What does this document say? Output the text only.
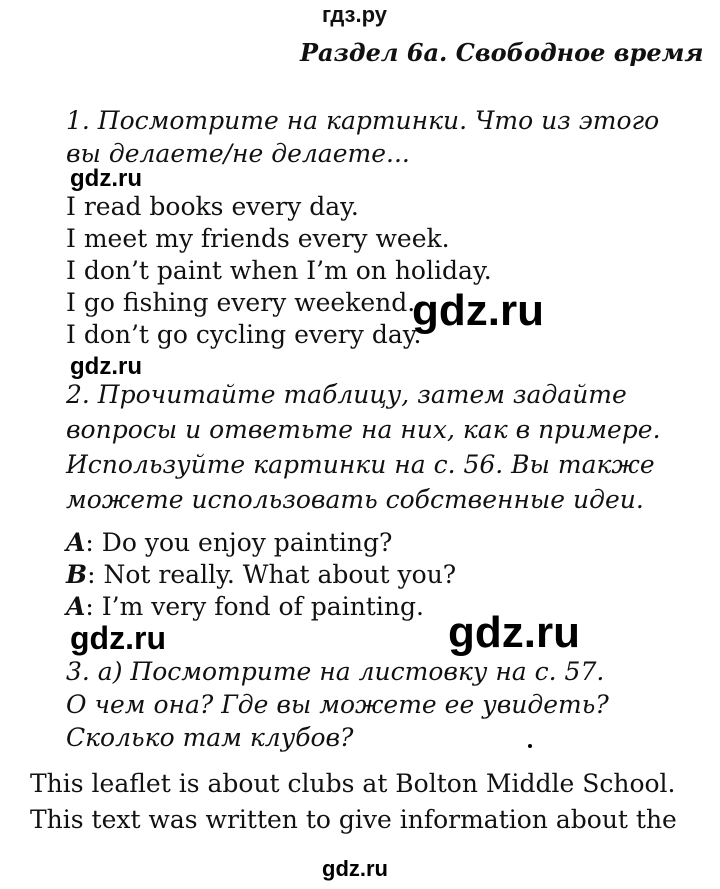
гдз.ру
Раздел 6a. Свободное время
1. Посмотрите на картинки. Что из этого
вы делаете/не делаете...
gdz.ru
I read books every day.
I meet my friends every week.
I don’t paint when I’m on holiday.
I go fishing every weekend.
I don’t go cycling every day.
gdz.ru
gdz.ru
2. Прочитайте таблицу, затем задайте
вопросы и ответьте на них, как в примере.
Используйте картинки на с. 56. Вы также
можете использовать собственные идеи.
A: Do you enjoy painting?
B: Not really. What about you?
A: I’m very fond of painting.
gdz.ru	gdz.ru
3. a) Посмотрите на листовку на с. 57.
О чем она? Где вы можете ее увидеть?
Сколько там клубов?
This leaflet is about clubs at Bolton Middle School.
This text was written to give information about the
gdz.ru
